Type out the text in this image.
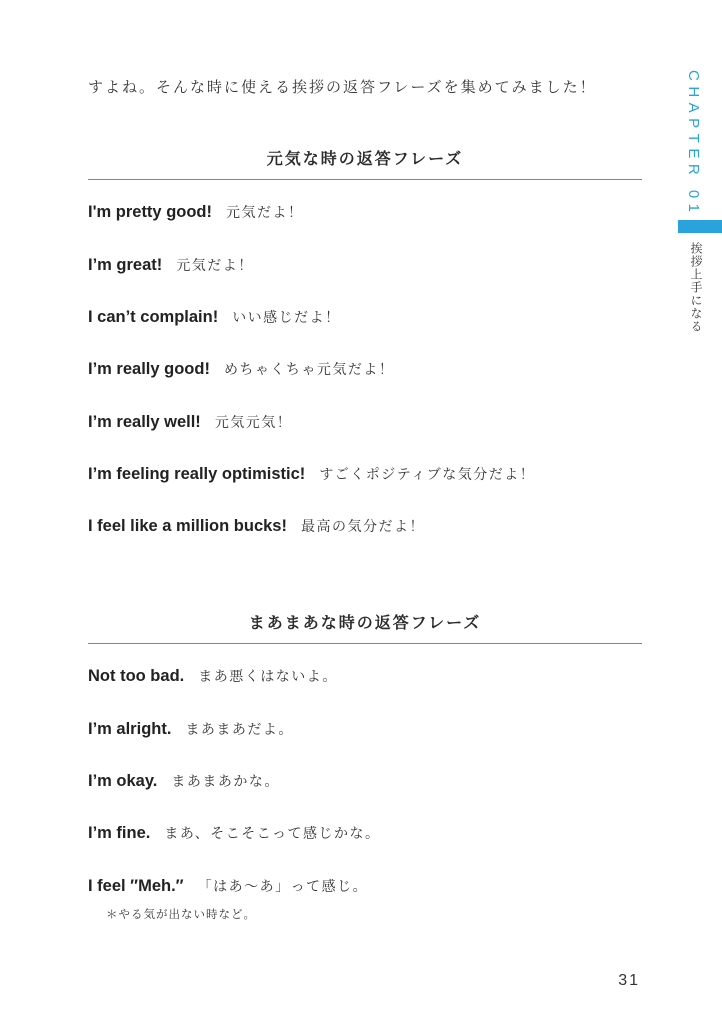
すよね。そんな時に使える挨拶の返答フレーズを集めてみました！
元気な時の返答フレーズ
I'm pretty good! 元気だよ！
I’m great! 元気だよ！
I can’t complain! いい感じだよ！
I’m really good! めちゃくちゃ元気だよ！
I’m really well! 元気元気！
I’m feeling really optimistic! すごくポジティブな気分だよ！
I feel like a million bucks! 最高の気分だよ！
まあまあな時の返答フレーズ
Not too bad. まあ悪くはないよ。
I’m alright. まあまあだよ。
I’m okay. まあまあかな。
I’m fine. まあ、そこそこって感じかな。
I feel ″Meh.″ 「はあ～あ」って感じ。
＊やる気が出ない時など。
CHAPTER 01
挨拶上手になる
31
